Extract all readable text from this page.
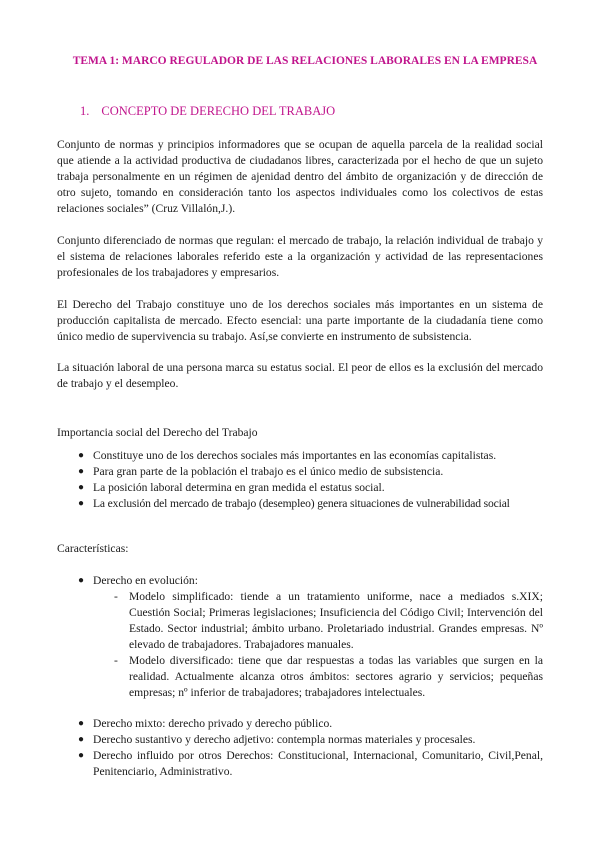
TEMA 1: MARCO REGULADOR DE LAS RELACIONES LABORALES EN LA EMPRESA
1. CONCEPTO DE DERECHO DEL TRABAJO

Conjunto de normas y principios informadores que se ocupan de aquella parcela de la realidad social que atiende a la actividad productiva de ciudadanos libres, caracterizada por el hecho de que un sujeto trabaja personalmente en un régimen de ajenidad dentro del ámbito de organización y de dirección de otro sujeto, tomando en consideración tanto los aspectos individuales como los colectivos de estas relaciones sociales” (Cruz Villalón,J.).

Conjunto diferenciado de normas que regulan: el mercado de trabajo, la relación individual de trabajo y el sistema de relaciones laborales referido este a la organización y actividad de las representaciones profesionales de los trabajadores y empresarios.

El Derecho del Trabajo constituye uno de los derechos sociales más importantes en un sistema de producción capitalista de mercado. Efecto esencial: una parte importante de la ciudadanía tiene como único medio de supervivencia su trabajo. Así,se convierte en instrumento de subsistencia.

La situación laboral de una persona marca su estatus social. El peor de ellos es la exclusión del mercado de trabajo y el desempleo.

Importancia social del Derecho del Trabajo

● Constituye uno de los derechos sociales más importantes en las economías capitalistas.
● Para gran parte de la población el trabajo es el único medio de subsistencia.
● La posición laboral determina en gran medida el estatus social.
● La exclusión del mercado de trabajo (desempleo) genera situaciones de vulnerabilidad social

Características:

● Derecho en evolución:
- Modelo simplificado: tiende a un tratamiento uniforme, nace a mediados s.XIX; Cuestión Social; Primeras legislaciones; Insuficiencia del Código Civil; Intervención del Estado. Sector industrial; ámbito urbano. Proletariado industrial. Grandes empresas. Nº elevado de trabajadores. Trabajadores manuales.
- Modelo diversificado: tiene que dar respuestas a todas las variables que surgen en la realidad. Actualmente alcanza otros ámbitos: sectores agrario y servicios; pequeñas empresas; nº inferior de trabajadores; trabajadores intelectuales.
● Derecho mixto: derecho privado y derecho público.
● Derecho sustantivo y derecho adjetivo: contempla normas materiales y procesales.
● Derecho influido por otros Derechos: Constitucional, Internacional, Comunitario, Civil,Penal, Penitenciario, Administrativo.
